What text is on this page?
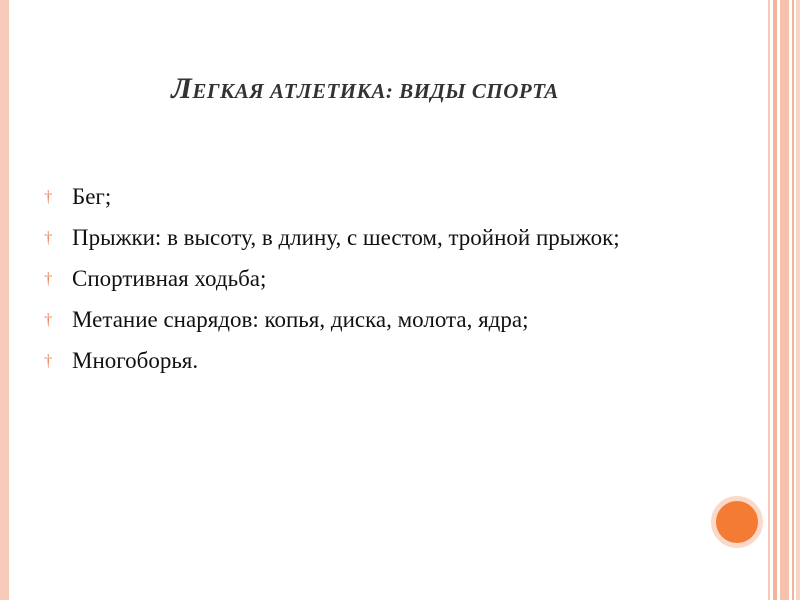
ЛЕГКАЯ АТЛЕТИКА: ВИДЫ СПОРТА
† Бег;
† Прыжки: в высоту, в длину, с шестом, тройной прыжок;
† Спортивная ходьба;
† Метание снарядов: копья, диска, молота, ядра;
† Многоборья.
